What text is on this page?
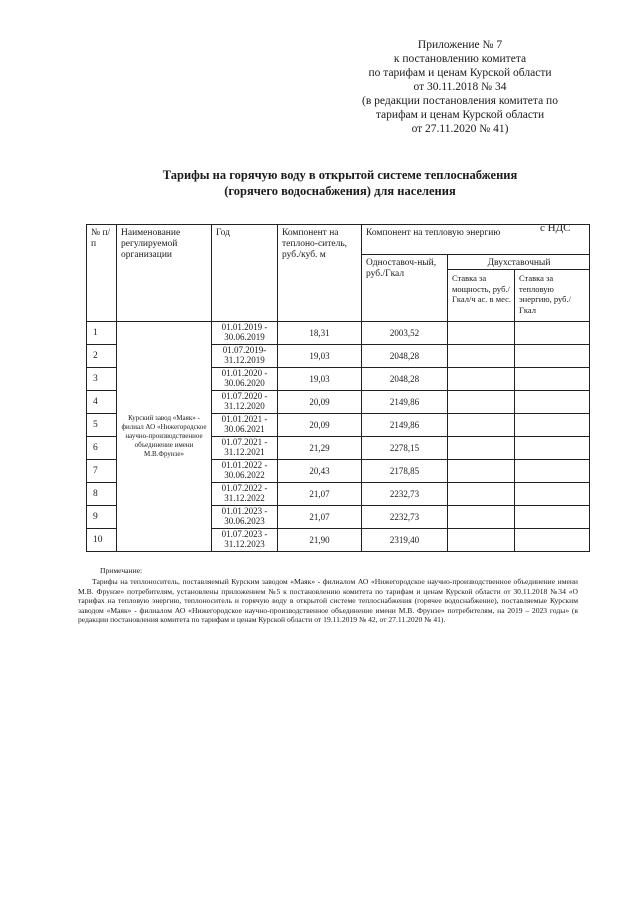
Приложение № 7
к постановлению комитета
по тарифам и ценам Курской области
от 30.11.2018 № 34
(в редакции постановления комитета по
тарифам и ценам Курской области
от 27.11.2020 № 41)
Тарифы на горячую воду в открытой системе теплоснабжения
(горячего водоснабжения) для населения
с НДС
№ п/п	Наименование регулируемой организации	Год	Компонент на теплоно-ситель, руб./куб. м	Компонент на тепловую энергию		
				Одноставоч-ный, руб./Гкал	Двухставочный	
					Ставка за мощность, руб./Гкал/ч ас. в мес.	Ставка за тепловую энергию, руб./Гкал
1	Курский завод «Маяк» - филиал АО «Нижегородское научно-производственное объединение имени М.В.Фрунзе»	01.01.2019 - 30.06.2019	18,31	2003,52		
2		01.07.2019- 31.12.2019	19,03	2048,28		
3		01.01.2020 - 30.06.2020	19,03	2048,28		
4		01.07.2020 - 31.12.2020	20,09	2149,86		
5		01.01.2021 - 30.06.2021	20,09	2149,86		
6		01.07.2021 - 31.12.2021	21,29	2278,15		
7		01.01.2022 - 30.06.2022	20,43	2178,85		
8		01.07.2022 - 31.12.2022	21,07	2232,73		
9		01.01.2023 - 30.06.2023	21,07	2232,73		
10		01.07.2023 - 31.12.2023	21,90	2319,40		
Примечание:

Тарифы на теплоноситель, поставляемый Курским заводом «Маяк» - филиалом АО «Нижегородское научно-производственное объединение имени М.В. Фрунзе» потребителям, установлены приложением №5 к постановлению комитета по тарифам и ценам Курской области от 30.11.2018 №34 «О тарифах на тепловую энергию, теплоноситель и горячую воду в открытой системе теплоснабжения (горячее водоснабжение), поставляемые Курским заводом «Маяк» - филиалом АО «Нижегородское научно-производственное объединение имени М.В. Фрунзе» потребителям, на 2019 – 2023 годы» (в редакции постановления комитета по тарифам и ценам Курской области от 19.11.2019 № 42, от 27.11.2020 № 41).
